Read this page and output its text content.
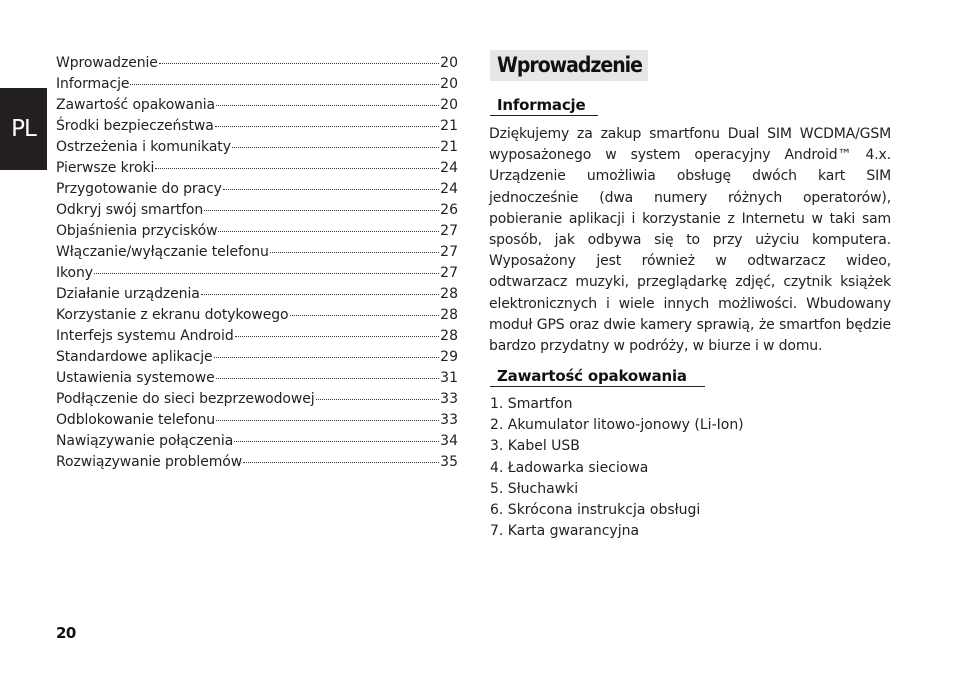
PL
Wprowadzenie	20
Informacje	20
Zawartość opakowania	20
Środki bezpieczeństwa	21
Ostrzeżenia i komunikaty	21
Pierwsze kroki	24
Przygotowanie do pracy	24
Odkryj swój smartfon	26
Objaśnienia przycisków	27
Włączanie/wyłączanie telefonu	27
Ikony	27
Działanie urządzenia	28
Korzystanie z ekranu dotykowego	28
Interfejs systemu Android	28
Standardowe aplikacje	29
Ustawienia systemowe	31
Podłączenie do sieci bezprzewodowej	33
Odblokowanie telefonu	33
Nawiązywanie połączenia	34
Rozwiązywanie problemów	35
Wprowadzenie
Informacje

Dziękujemy za zakup smartfonu Dual SIM WCDMA/GSM wyposażonego w system operacyjny Android™ 4.x. Urządzenie umożliwia obsługę dwóch kart SIM jednocześnie (dwa numery różnych operatorów), pobieranie aplikacji i korzystanie z Internetu w taki sam sposób, jak odbywa się to przy użyciu komputera. Wyposażony jest również w odtwarzacz wideo, odtwarzacz muzyki, przeglądarkę zdjęć, czytnik książek elektronicznych i wiele innych możliwości. Wbudowany moduł GPS oraz dwie kamery sprawią, że smartfon będzie bardzo przydatny w podróży, w biurze i w domu.

Zawartość opakowania
1. Smartfon
2. Akumulator litowo-jonowy (Li-Ion)
3. Kabel USB
4. Ładowarka sieciowa
5. Słuchawki
6. Skrócona instrukcja obsługi
7. Karta gwarancyjna
20
